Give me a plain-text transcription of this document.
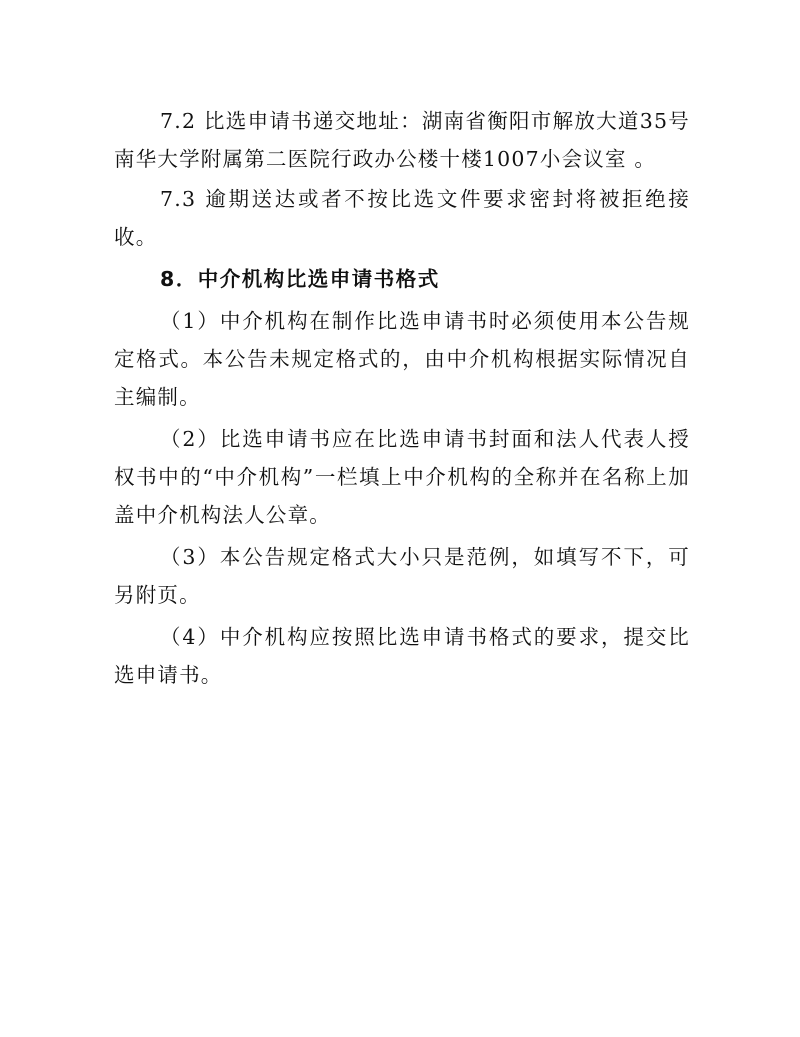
7.2 比选申请书递交地址：湖南省衡阳市解放大道35号南华大学附属第二医院行政办公楼十楼1007小会议室 。

7.3 逾期送达或者不按比选文件要求密封将被拒绝接收。

8．中介机构比选申请书格式

（1）中介机构在制作比选申请书时必须使用本公告规定格式。本公告未规定格式的，由中介机构根据实际情况自主编制。

（2）比选申请书应在比选申请书封面和法人代表人授权书中的“中介机构”一栏填上中介机构的全称并在名称上加盖中介机构法人公章。

（3）本公告规定格式大小只是范例，如填写不下，可另附页。

（4）中介机构应按照比选申请书格式的要求，提交比选申请书。
